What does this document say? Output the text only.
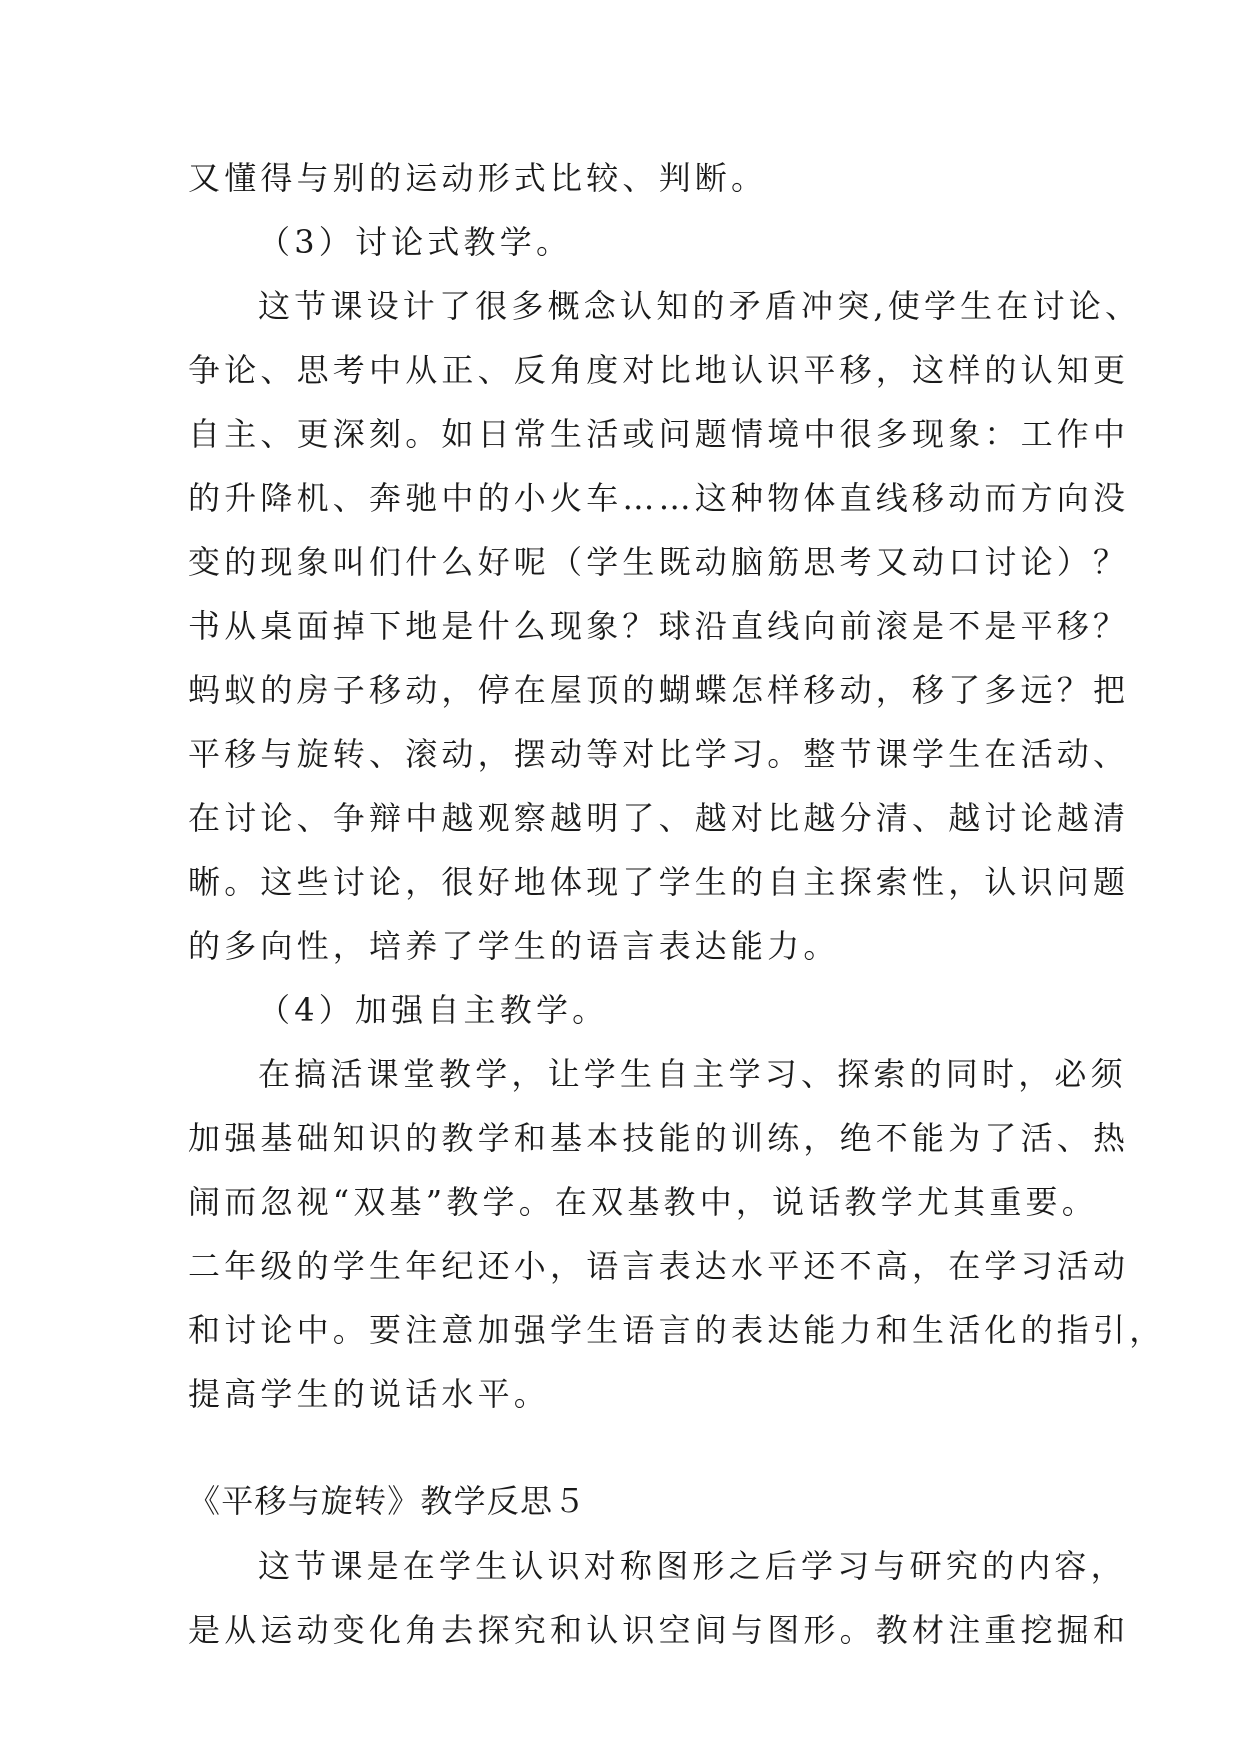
又懂得与别的运动形式比较、判断。
（3）讨论式教学。
这节课设计了很多概念认知的矛盾冲突,使学生在讨论、
争论、思考中从正、反角度对比地认识平移，这样的认知更
自主、更深刻。如日常生活或问题情境中很多现象：工作中
的升降机、奔驰中的小火车……这种物体直线移动而方向没
变的现象叫们什么好呢（学生既动脑筋思考又动口讨论）？
书从桌面掉下地是什么现象？球沿直线向前滚是不是平移？
蚂蚁的房子移动，停在屋顶的蝴蝶怎样移动，移了多远？把
平移与旋转、滚动，摆动等对比学习。整节课学生在活动、
在讨论、争辩中越观察越明了、越对比越分清、越讨论越清
晰。这些讨论，很好地体现了学生的自主探索性，认识问题
的多向性，培养了学生的语言表达能力。
（4）加强自主教学。
在搞活课堂教学，让学生自主学习、探索的同时，必须
加强基础知识的教学和基本技能的训练，绝不能为了活、热
闹而忽视“双基”教学。在双基教中，说话教学尤其重要。
二年级的学生年纪还小，语言表达水平还不高，在学习活动
和讨论中。要注意加强学生语言的表达能力和生活化的指引，
提高学生的说话水平。
《平移与旋转》教学反思５
这节课是在学生认识对称图形之后学习与研究的内容，
是从运动变化角去探究和认识空间与图形。教材注重挖掘和
